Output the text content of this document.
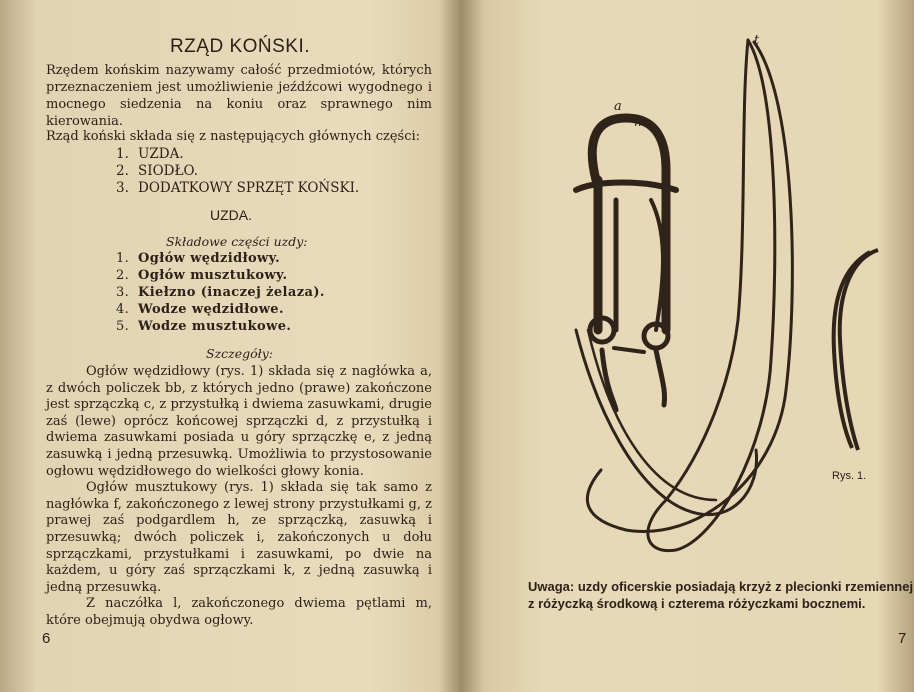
RZĄD KOŃSKI.
Rzędem końskim nazywamy całość przedmiotów, których przeznaczeniem jest umożliwienie jeźdźcowi wygodnego i mocnego siedzenia na koniu oraz sprawnego nim kierowania.
Rząd koński składa się z następujących głównych części:
1. UZDA.
2. SIODŁO.
3. DODATKOWY SPRZĘT KOŃSKI.
UZDA.
Składowe części uzdy:
1. Ogłów wędzidłowy.
2. Ogłów musztukowy.
3. Kiełzno (inaczej żelaza).
4. Wodze wędzidłowe.
5. Wodze musztukowe.
Szczegóły:

Ogłów wędzidłowy (rys. 1) składa się z nagłówka a, z dwóch policzek bb, z których jedno (prawe) zakończone jest sprzączką c, z przystułką i dwiema zasuwkami, drugie zaś (lewe) oprócz końcowej sprzączki d, z przystułką i dwiema zasuwkami posiada u góry sprzączkę e, z jedną zasuwką i jedną przesuwką. Umożliwia to przystosowanie ogłowu wędzidłowego do wielkości głowy konia.

Ogłów musztukowy (rys. 1) składa się tak samo z nagłówka f, zakończonego z lewej strony przystułkami g, z prawej zaś podgardlem h, ze sprzączką, zasuwką i przesuwką; dwóch policzek i, zakończonych u dołu sprzączkami, przystułkami i zasuwkami, po dwie na każdem, u góry zaś sprzączkami k, z jedną zasuwką i jedną przesuwką.

Z naczółka l, zakończonego dwiema pętlami m, które obejmują obydwa ogłowy.

6
t
a
m
Rys. 1.
Uwaga: uzdy oficerskie posiadają krzyż z plecionki rzemiennej z różyczką środkową i czterema różyczkami bocznemi.
7
